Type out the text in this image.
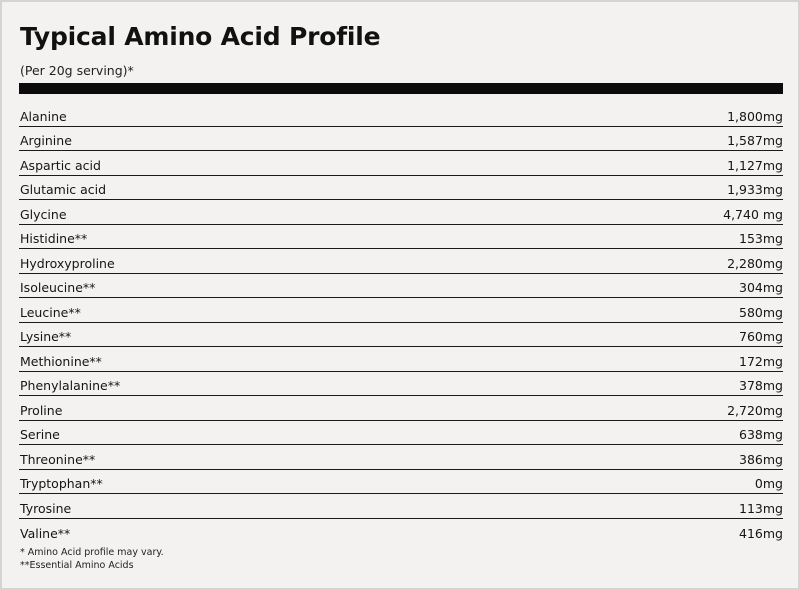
Typical Amino Acid Profile
(Per 20g serving)*
Alanine	1,800mg
Arginine	1,587mg
Aspartic acid	1,127mg
Glutamic acid	1,933mg
Glycine	4,740 mg
Histidine**	153mg
Hydroxyproline	2,280mg
Isoleucine**	304mg
Leucine**	580mg
Lysine**	760mg
Methionine**	172mg
Phenylalanine**	378mg
Proline	2,720mg
Serine	638mg
Threonine**	386mg
Tryptophan**	0mg
Tyrosine	113mg
Valine**	416mg
* Amino Acid profile may vary.
**Essential Amino Acids
